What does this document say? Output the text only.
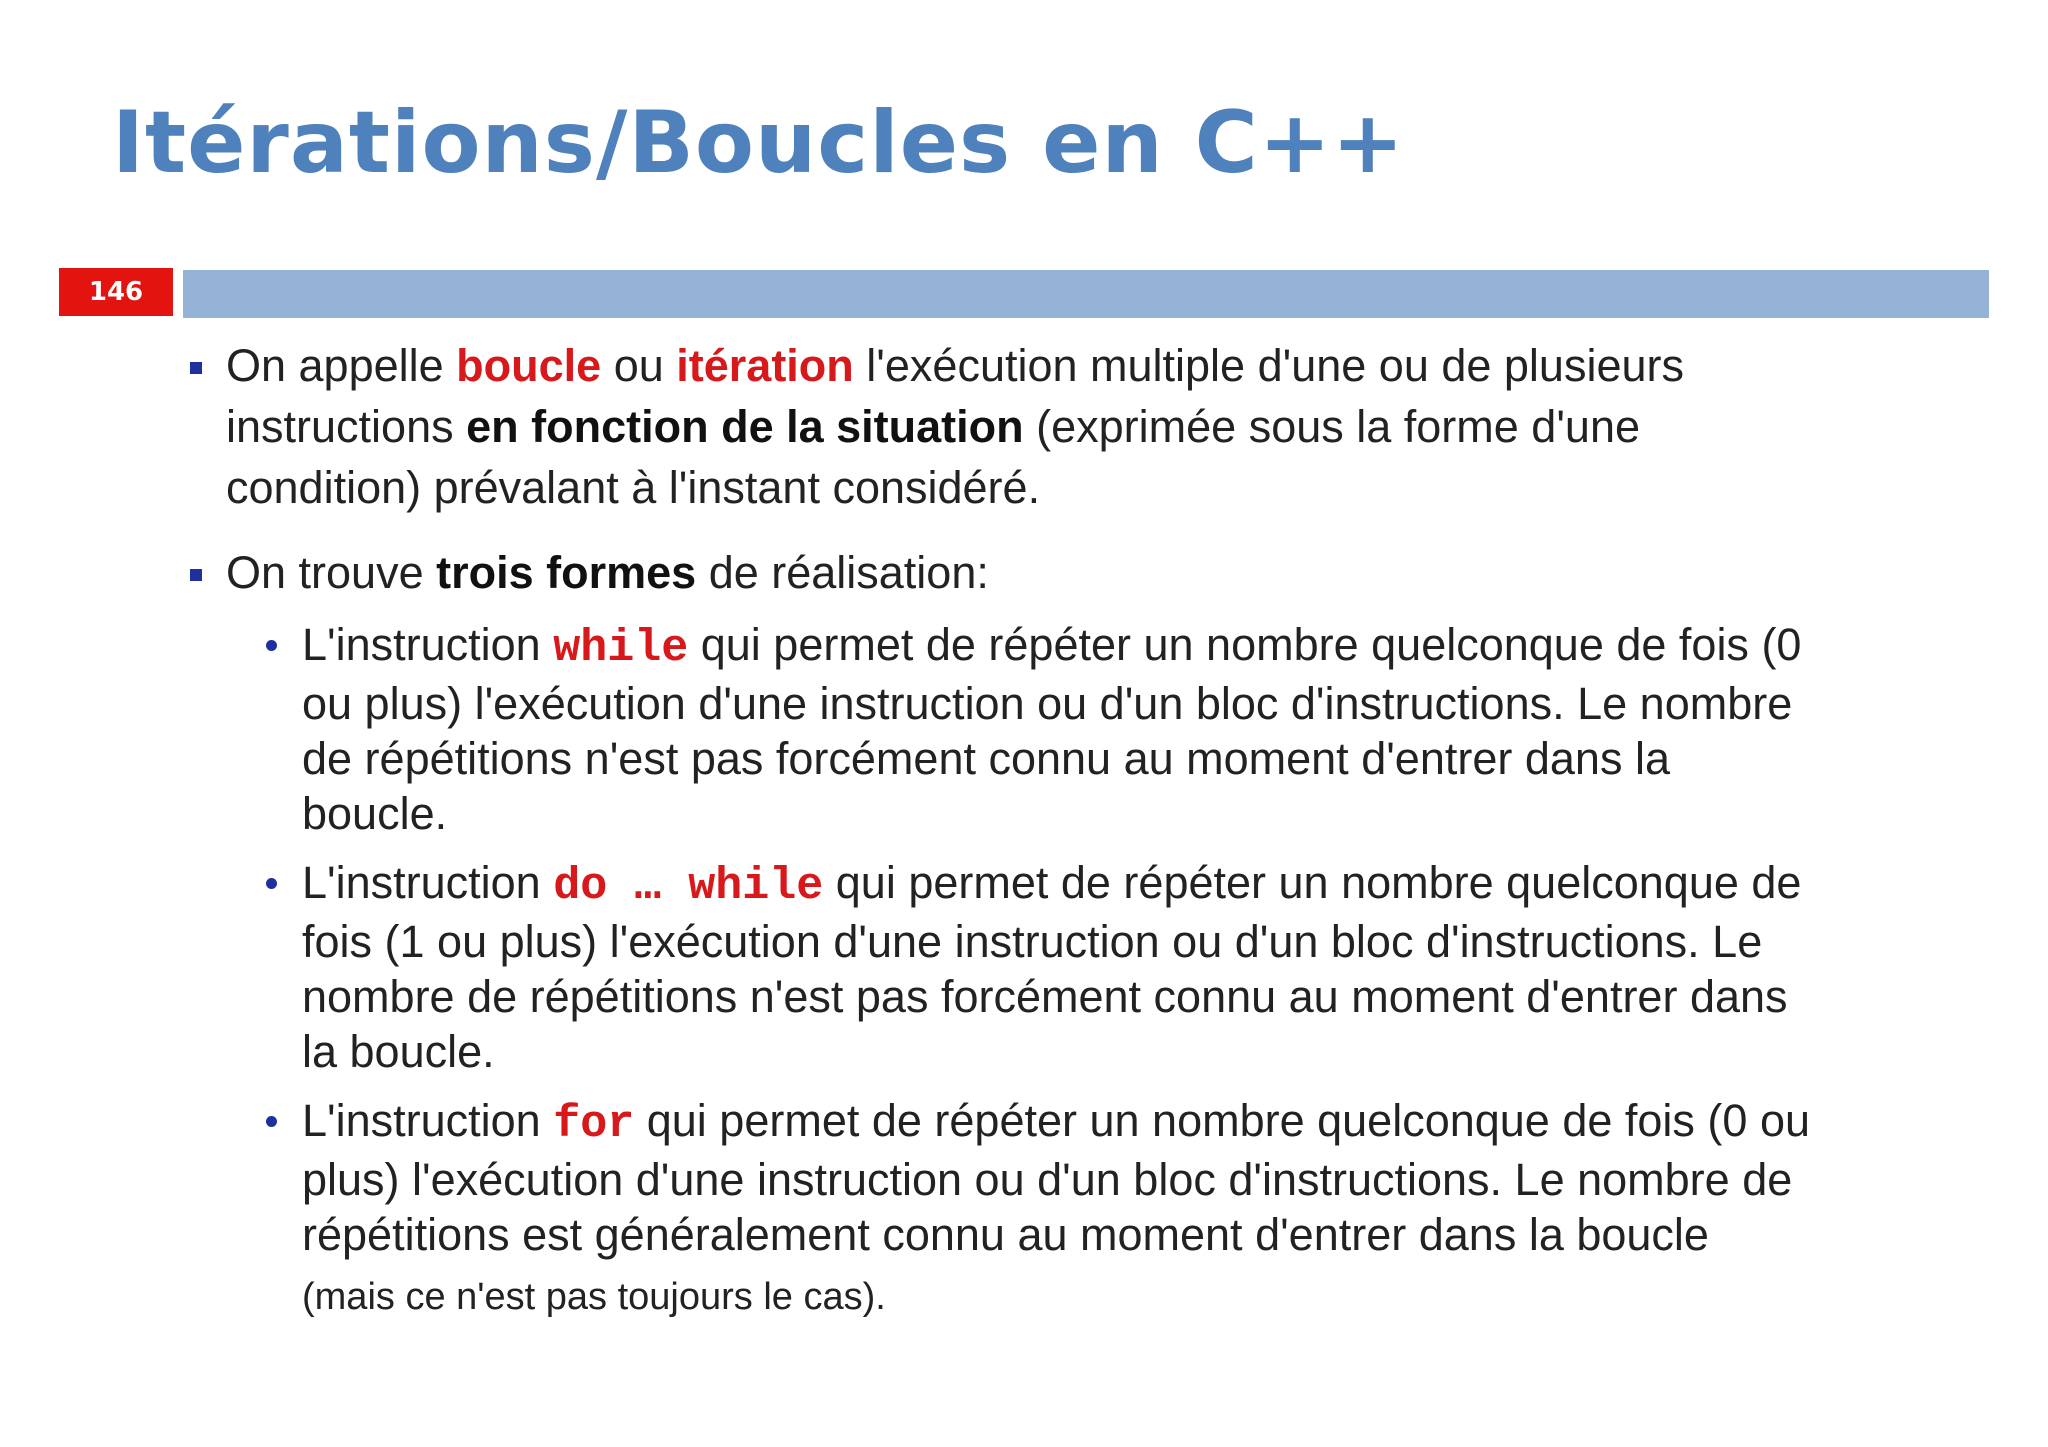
Itérations/Boucles en C++
146
On appelle boucle ou itération l'exécution multiple d'une ou de plusieurs instructions en fonction de la situation (exprimée sous la forme d'une condition) prévalant à l'instant considéré.
On trouve trois formes de réalisation:
L'instruction while qui permet de répéter un nombre quelconque de fois (0 ou plus) l'exécution d'une instruction ou d'un bloc d'instructions. Le nombre de répétitions n'est pas forcément connu au moment d'entrer dans la boucle.
L'instruction do … while qui permet de répéter un nombre quelconque de fois (1 ou plus) l'exécution d'une instruction ou d'un bloc d'instructions. Le nombre de répétitions n'est pas forcément connu au moment d'entrer dans la boucle.
L'instruction for qui permet de répéter un nombre quelconque de fois (0 ou plus) l'exécution d'une instruction ou d'un bloc d'instructions. Le nombre de répétitions est généralement connu au moment d'entrer dans la boucle (mais ce n'est pas toujours le cas).
